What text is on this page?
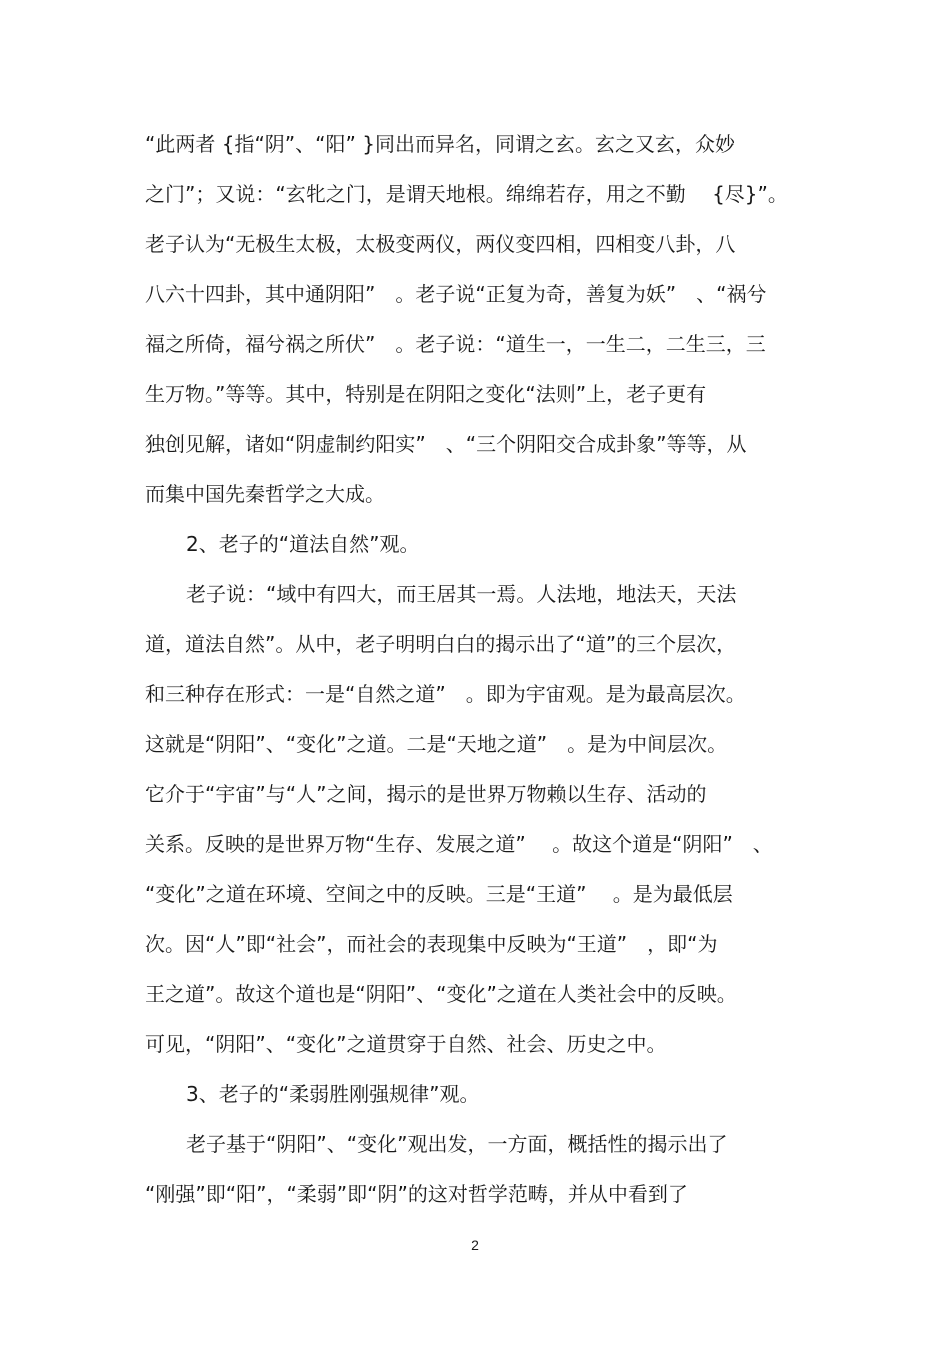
“此两者 {指“阴”、“阳” }同出而异名，同谓之玄。玄之又玄，众妙
之门”；又说：“玄牝之门，是谓天地根。绵绵若存，用之不勤　 {尽}”。
老子认为“无极生太极，太极变两仪，两仪变四相，四相变八卦，八
八六十四卦，其中通阴阳”　。老子说“正复为奇，善复为妖”　、“祸兮
福之所倚，福兮祸之所伏”　。老子说：“道生一，一生二，二生三，三
生万物。”等等。其中，特别是在阴阳之变化“法则”上，老子更有
独创见解，诸如“阴虚制约阳实”　、“三个阴阳交合成卦象”等等，从
而集中国先秦哲学之大成。
2、老子的“道法自然”观。
老子说：“域中有四大，而王居其一焉。人法地，地法天，天法
道，道法自然”。从中，老子明明白白的揭示出了“道”的三个层次，
和三种存在形式：一是“自然之道”　。即为宇宙观。是为最高层次。
这就是“阴阳”、“变化”之道。二是“天地之道”　。是为中间层次。
它介于“宇宙”与“人”之间，揭示的是世界万物赖以生存、活动的
关系。反映的是世界万物“生存、发展之道”　 。故这个道是“阴阳”　、
“变化”之道在环境、空间之中的反映。三是“王道”　 。是为最低层
次。因“人”即“社会”，而社会的表现集中反映为“王道”　，即“为
王之道”。故这个道也是“阴阳”、“变化”之道在人类社会中的反映。
可见，“阴阳”、“变化”之道贯穿于自然、社会、历史之中。
3、老子的“柔弱胜刚强规律”观。
老子基于“阴阳”、“变化”观出发，一方面，概括性的揭示出了
“刚强”即“阳”，“柔弱”即“阴”的这对哲学范畴，并从中看到了
2
